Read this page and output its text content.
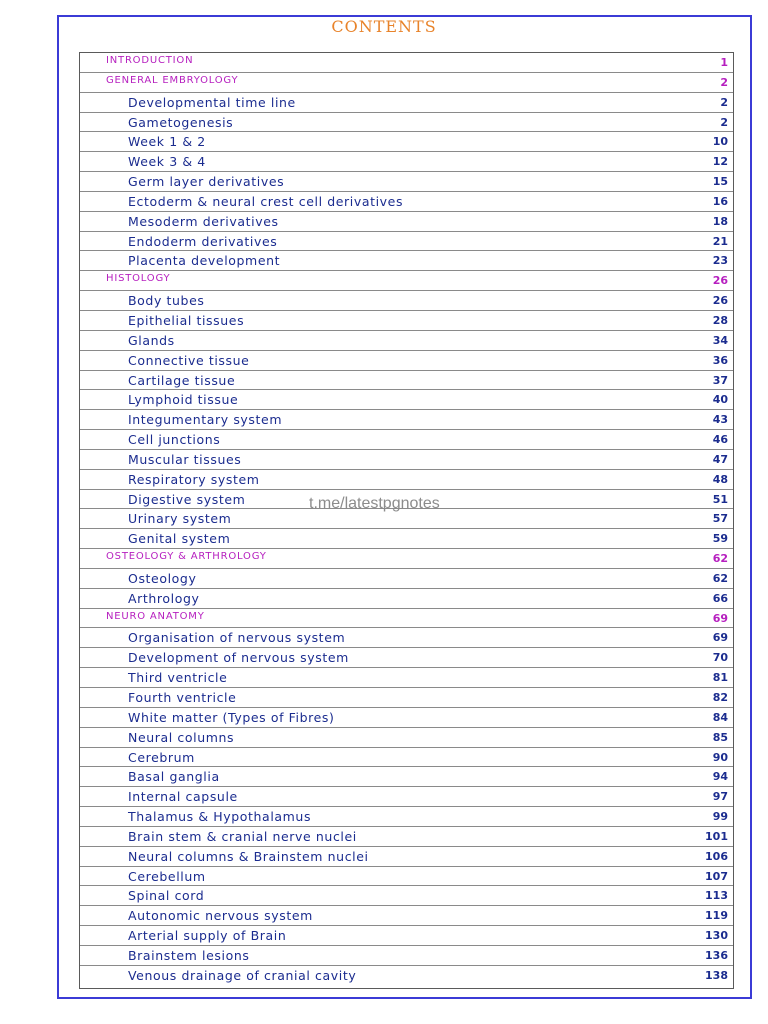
CONTENTS
INTRODUCTION	1
GENERAL EMBRYOLOGY	2
Developmental time line	2
Gametogenesis	2
Week 1 & 2	10
Week 3 & 4	12
Germ layer derivatives	15
Ectoderm & neural crest cell derivatives	16
Mesoderm derivatives	18
Endoderm derivatives	21
Placenta development	23
HISTOLOGY	26
Body tubes	26
Epithelial tissues	28
Glands	34
Connective tissue	36
Cartilage tissue	37
Lymphoid tissue	40
Integumentary system	43
Cell junctions	46
Muscular tissues	47
Respiratory system	48
Digestive system	51
Urinary system	57
Genital system	59
OSTEOLOGY & ARTHROLOGY	62
Osteology	62
Arthrology	66
NEURO ANATOMY	69
Organisation of nervous system	69
Development of nervous system	70
Third ventricle	81
Fourth ventricle	82
White matter (Types of Fibres)	84
Neural columns	85
Cerebrum	90
Basal ganglia	94
Internal capsule	97
Thalamus & Hypothalamus	99
Brain stem & cranial nerve nuclei	101
Neural columns & Brainstem nuclei	106
Cerebellum	107
Spinal cord	113
Autonomic nervous system	119
Arterial supply of Brain	130
Brainstem lesions	136
Venous drainage of cranial cavity	138
t.me/latestpgnotes
